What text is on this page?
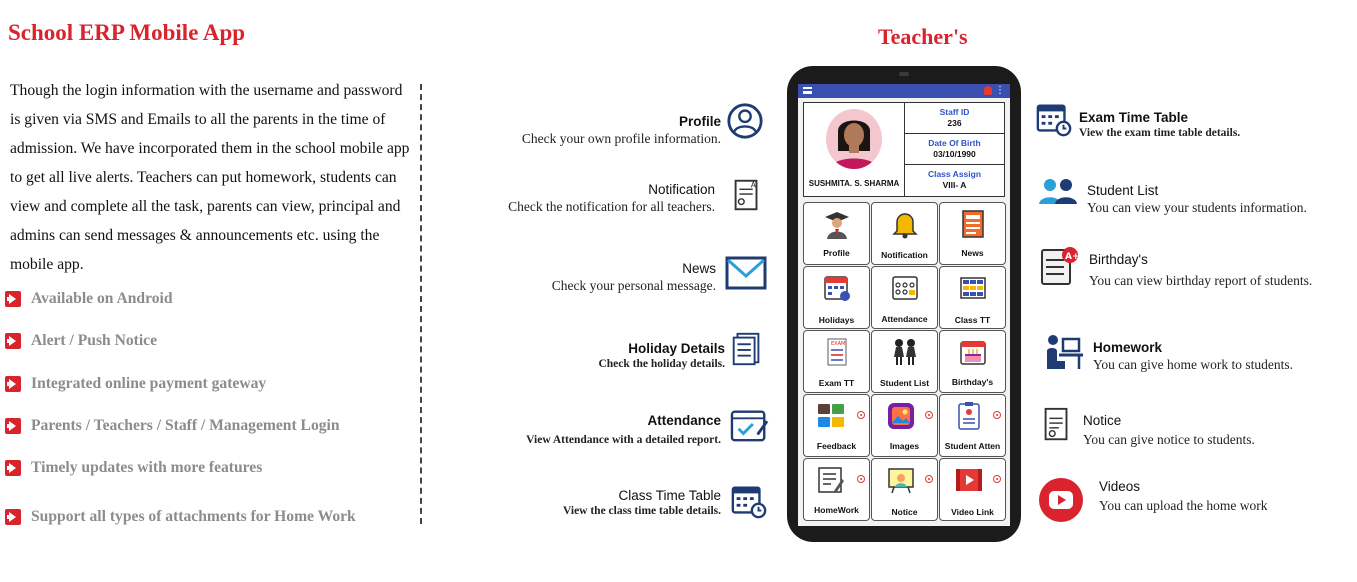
School ERP Mobile App
Though the login information with the username and password is given via SMS and Emails to all the parents in the time of admission. We have incorporated them in the school mobile app to get all live alerts. Teachers can put homework, students can view and complete all the task, parents can view, principal and admins can send messages & announcements etc. using the mobile app.
Available on Android
Alert / Push Notice
Integrated online payment gateway
Parents / Teachers / Staff / Management Login
Timely updates with more features
Support all types of attachments for Home Work
Teacher's
Profile
Check your own profile information.
Notification
Check the notification for all teachers.
A
News
Check your personal message.
Holiday Details
Check the holiday details.
Attendance
View Attendance with a detailed report.
Class Time Table
View the class time table details.
Exam Time Table
View the exam time table details.
Student List
You can view your students information.
A+ Birthday's
You can view birthday report of students.
Homework
You can give home work to students.
Notice
You can give notice to students.
Videos
You can upload the home work
⋮
SUSHMITA. S. SHARMA
Staff ID
236
Date Of Birth
03/10/1990
Class Assign
VIII- A
Profile	Notification	News
Holidays	Attendance	Class TT
EXAM
Exam TT	Student List	Birthday's
Feedback	Images	Student Atten
HomeWork	Notice	Video Link
